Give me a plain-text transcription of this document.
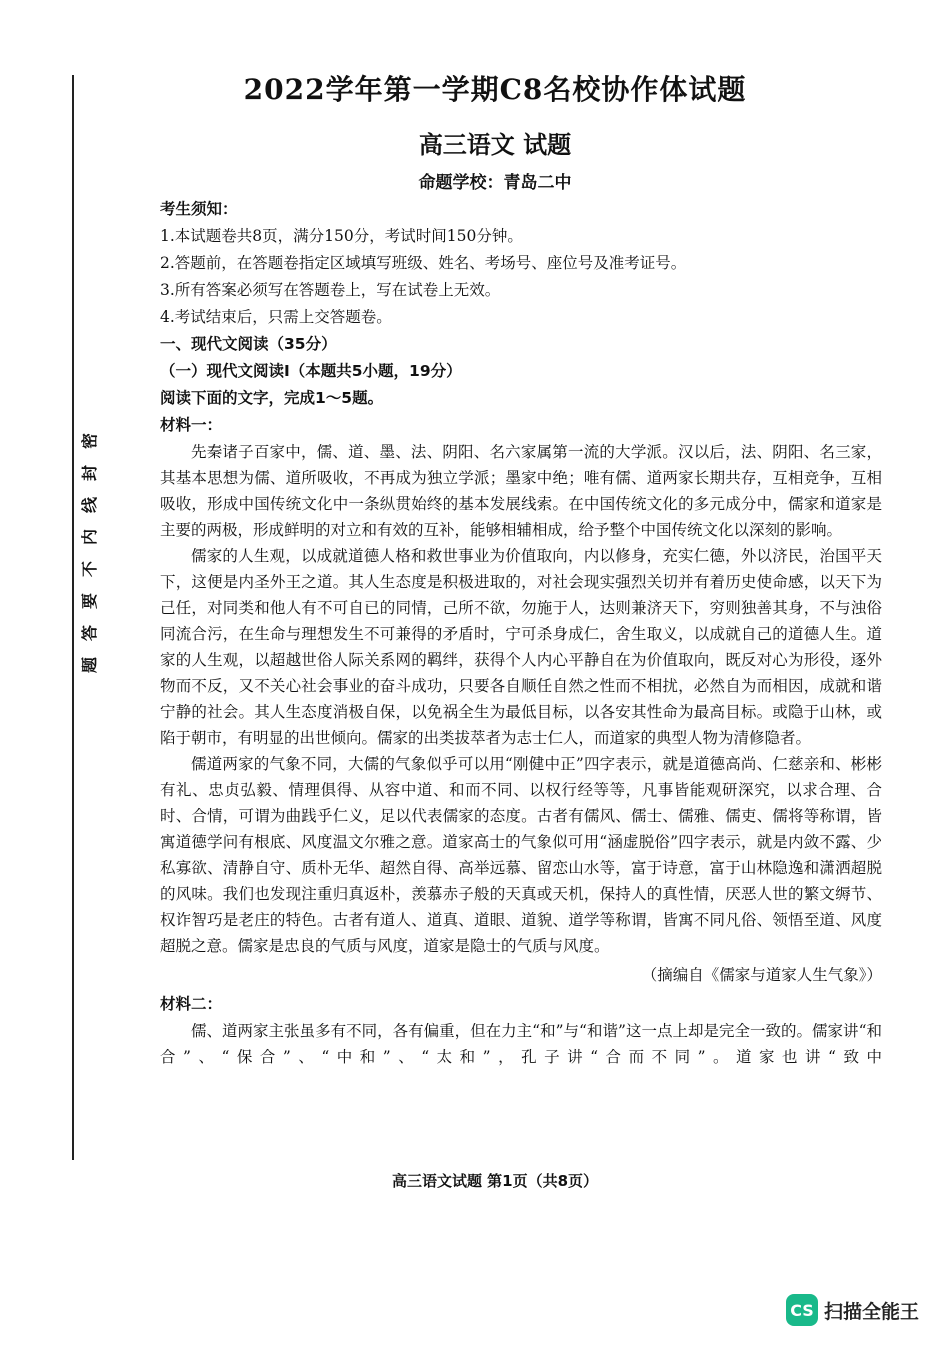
密
封
线
内
不
要
答
题
2022学年第一学期C8名校协作体试题
高三语文 试题
命题学校：青岛二中
考生须知：
1.本试题卷共8页，满分150分，考试时间150分钟。
2.答题前，在答题卷指定区域填写班级、姓名、考场号、座位号及准考证号。
3.所有答案必须写在答题卷上，写在试卷上无效。
4.考试结束后，只需上交答题卷。
一、现代文阅读（35分）
（一）现代文阅读Ⅰ（本题共5小题，19分）
阅读下面的文字，完成1～5题。
材料一：
先秦诸子百家中，儒、道、墨、法、阴阳、名六家属第一流的大学派。汉以后，法、阴阳、名三家，其基本思想为儒、道所吸收，不再成为独立学派；墨家中绝；唯有儒、道两家长期共存，互相竞争，互相吸收，形成中国传统文化中一条纵贯始终的基本发展线索。在中国传统文化的多元成分中，儒家和道家是主要的两极，形成鲜明的对立和有效的互补，能够相辅相成，给予整个中国传统文化以深刻的影响。
儒家的人生观，以成就道德人格和救世事业为价值取向，内以修身，充实仁德，外以济民，治国平天下，这便是内圣外王之道。其人生态度是积极进取的，对社会现实强烈关切并有着历史使命感，以天下为己任，对同类和他人有不可自已的同情，己所不欲，勿施于人，达则兼济天下，穷则独善其身，不与浊俗同流合污，在生命与理想发生不可兼得的矛盾时，宁可杀身成仁，舍生取义，以成就自己的道德人生。道家的人生观，以超越世俗人际关系网的羁绊，获得个人内心平静自在为价值取向，既反对心为形役，逐外物而不反，又不关心社会事业的奋斗成功，只要各自顺任自然之性而不相扰，必然自为而相因，成就和谐宁静的社会。其人生态度消极自保，以免祸全生为最低目标，以各安其性命为最高目标。或隐于山林，或陷于朝市，有明显的出世倾向。儒家的出类拔萃者为志士仁人，而道家的典型人物为清修隐者。
儒道两家的气象不同，大儒的气象似乎可以用“刚健中正”四字表示，就是道德高尚、仁慈亲和、彬彬有礼、忠贞弘毅、情理俱得、从容中道、和而不同、以权行经等等，凡事皆能观研深究，以求合理、合时、合情，可谓为曲践乎仁义，足以代表儒家的态度。古者有儒风、儒士、儒雅、儒吏、儒将等称谓，皆寓道德学问有根底、风度温文尔雅之意。道家高士的气象似可用“涵虚脱俗”四字表示，就是内敛不露、少私寡欲、清静自守、质朴无华、超然自得、高举远慕、留恋山水等，富于诗意，富于山林隐逸和潇洒超脱的风味。我们也发现注重归真返朴，羡慕赤子般的天真或天机，保持人的真性情，厌恶人世的繁文缛节、权诈智巧是老庄的特色。古者有道人、道真、道眼、道貌、道学等称谓，皆寓不同凡俗、领悟至道、风度超脱之意。儒家是忠良的气质与风度，道家是隐士的气质与风度。
（摘编自《儒家与道家人生气象》）
材料二：
儒、道两家主张虽多有不同，各有偏重，但在力主“和”与“和谐”这一点上却是完全一致的。儒家讲“和合”、“保合”、“中和”、“太和”，孔子讲“合而不同”。道家也讲“致中
高三语文试题 第1页（共8页）
CS 扫描全能王
